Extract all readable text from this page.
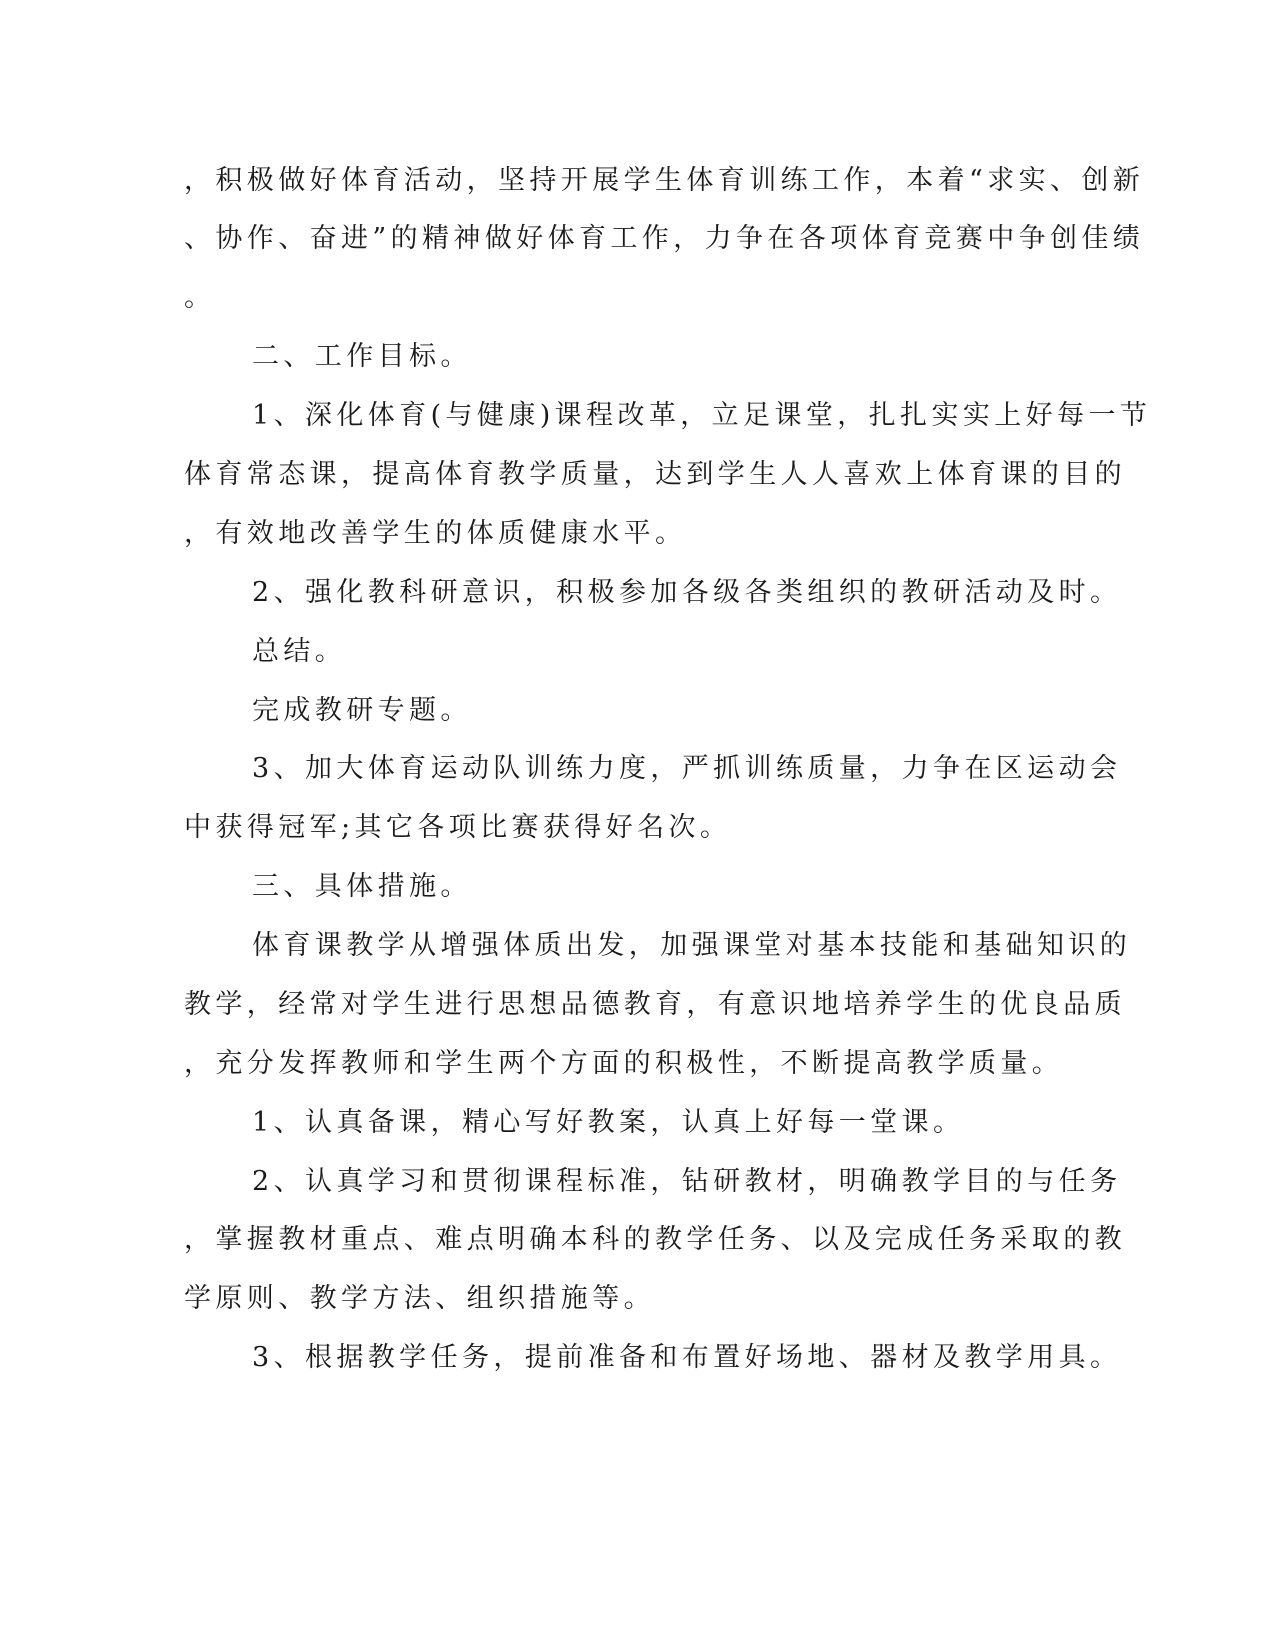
，积极做好体育活动，坚持开展学生体育训练工作，本着“求实、创新
、协作、奋进”的精神做好体育工作，力争在各项体育竞赛中争创佳绩
。
二、工作目标。
1、深化体育(与健康)课程改革，立足课堂，扎扎实实上好每一节
体育常态课，提高体育教学质量，达到学生人人喜欢上体育课的目的
，有效地改善学生的体质健康水平。
2、强化教科研意识，积极参加各级各类组织的教研活动及时。
总结。
完成教研专题。
3、加大体育运动队训练力度，严抓训练质量，力争在区运动会
中获得冠军;其它各项比赛获得好名次。
三、具体措施。
体育课教学从增强体质出发，加强课堂对基本技能和基础知识的
教学，经常对学生进行思想品德教育，有意识地培养学生的优良品质
，充分发挥教师和学生两个方面的积极性，不断提高教学质量。
1、认真备课，精心写好教案，认真上好每一堂课。
2、认真学习和贯彻课程标准，钻研教材，明确教学目的与任务
，掌握教材重点、难点明确本科的教学任务、以及完成任务采取的教
学原则、教学方法、组织措施等。
3、根据教学任务，提前准备和布置好场地、器材及教学用具。
